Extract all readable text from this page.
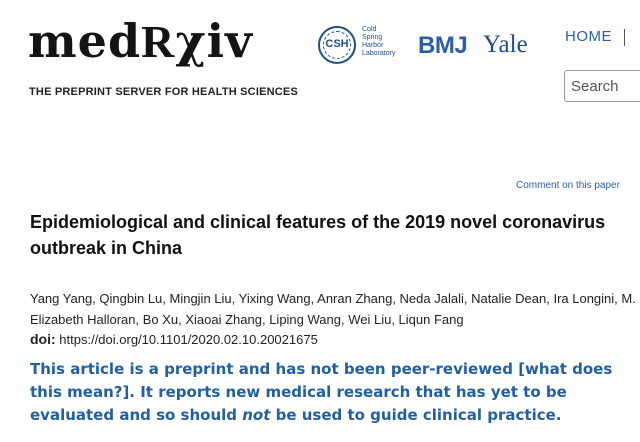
medRχiv
THE PREPRINT SERVER FOR HEALTH SCIENCES
CSH
Cold
Spring
Harbor
Laboratory BMJ Yale HOME
Search
Comment on this paper
Epidemiological and clinical features of the 2019 novel coronavirus outbreak in China
Yang Yang, Qingbin Lu, Mingjin Liu, Yixing Wang, Anran Zhang, Neda Jalali, Natalie Dean, Ira Longini, M. Elizabeth Halloran, Bo Xu, Xiaoai Zhang, Liping Wang, Wei Liu, Liqun Fang
doi: https://doi.org/10.1101/2020.02.10.20021675
This article is a preprint and has not been peer-reviewed [what does this mean?]. It reports new medical research that has yet to be evaluated and so should not be used to guide clinical practice.
